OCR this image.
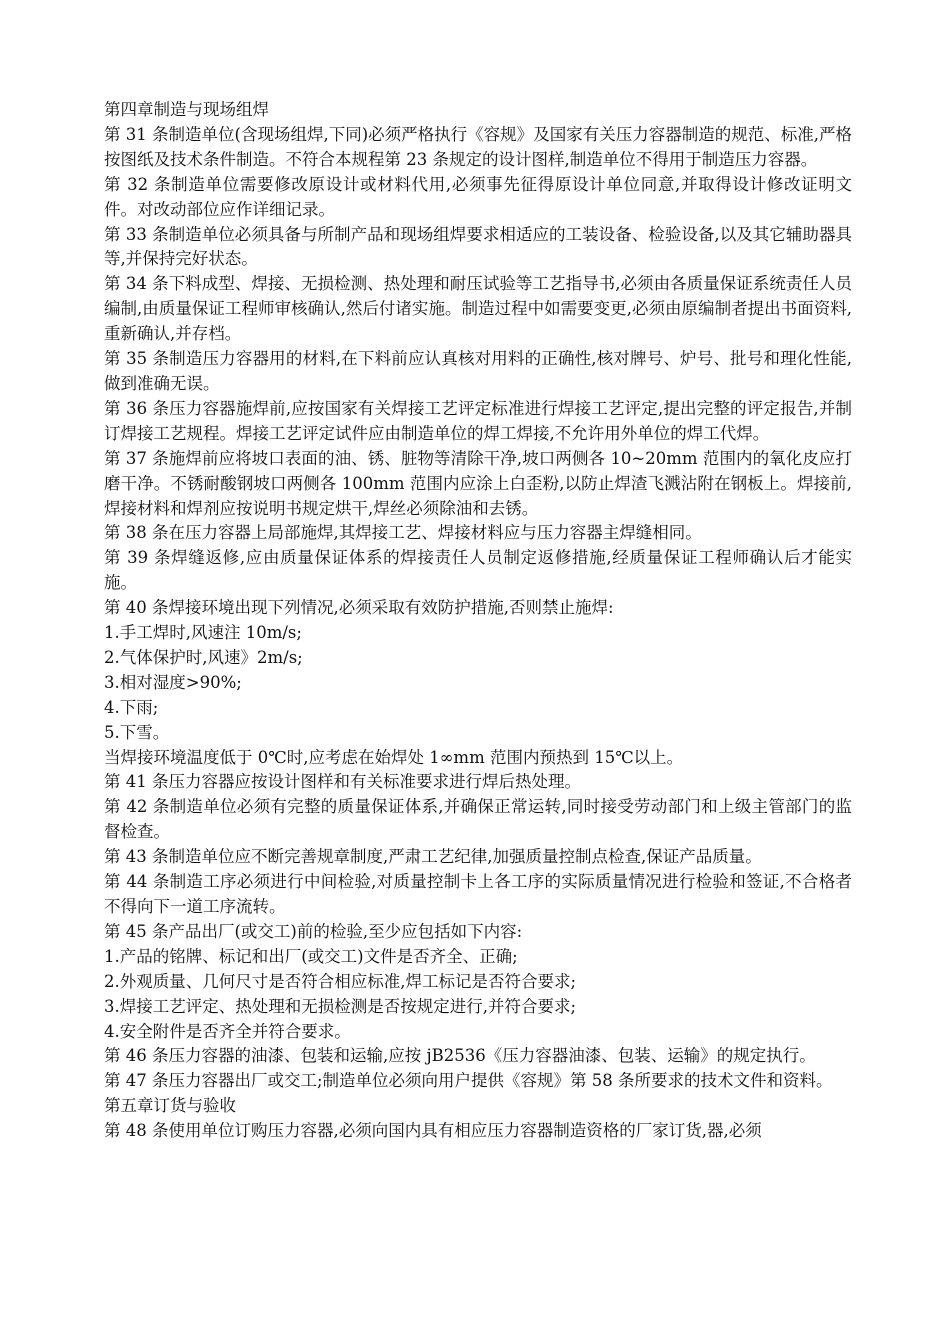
第四章制造与现场组焊

第 31 条制造单位(含现场组焊,下同)必须严格执行《容规》及国家有关压力容器制造的规范、标准,严格按图纸及技术条件制造。不符合本规程第 23 条规定的设计图样,制造单位不得用于制造压力容器。

第 32 条制造单位需要修改原设计或材料代用,必须事先征得原设计单位同意,并取得设计修改证明文件。对改动部位应作详细记录。

第 33 条制造单位必须具备与所制产品和现场组焊要求相适应的工装设备、检验设备,以及其它辅助器具等,并保持完好状态。

第 34 条下料成型、焊接、无损检测、热处理和耐压试验等工艺指导书,必须由各质量保证系统责任人员编制,由质量保证工程师审核确认,然后付诸实施。制造过程中如需要变更,必须由原编制者提出书面资料,重新确认,并存档。

第 35 条制造压力容器用的材料,在下料前应认真核对用料的正确性,核对牌号、炉号、批号和理化性能,做到准确无误。

第 36 条压力容器施焊前,应按国家有关焊接工艺评定标准进行焊接工艺评定,提出完整的评定报告,并制订焊接工艺规程。焊接工艺评定试件应由制造单位的焊工焊接,不允许用外单位的焊工代焊。

第 37 条施焊前应将坡口表面的油、锈、脏物等清除干净,坡口两侧各 10~20mm 范围内的氧化皮应打磨干净。不锈耐酸钢坡口两侧各 100mm 范围内应涂上白歪粉,以防止焊渣飞溅沾附在钢板上。焊接前,焊接材料和焊剂应按说明书规定烘干,焊丝必须除油和去锈。

第 38 条在压力容器上局部施焊,其焊接工艺、焊接材料应与压力容器主焊缝相同。

第 39 条焊缝返修,应由质量保证体系的焊接责任人员制定返修措施,经质量保证工程师确认后才能实施。

第 40 条焊接环境出现下列情况,必须采取有效防护措施,否则禁止施焊:

1.手工焊时,风速注 10m/s;

2.气体保护时,风速》2m/s;

3.相对湿度>90%;

4.下雨;

5.下雪。

当焊接环境温度低于 0℃时,应考虑在始焊处 1∞mm 范围内预热到 15℃以上。

第 41 条压力容器应按设计图样和有关标准要求进行焊后热处理。

第 42 条制造单位必须有完整的质量保证体系,并确保正常运转,同时接受劳动部门和上级主管部门的监督检查。

第 43 条制造单位应不断完善规章制度,严肃工艺纪律,加强质量控制点检查,保证产品质量。

第 44 条制造工序必须进行中间检验,对质量控制卡上各工序的实际质量情况进行检验和签证,不合格者不得向下一道工序流转。

第 45 条产品出厂(或交工)前的检验,至少应包括如下内容:

1.产品的铭牌、标记和出厂(或交工)文件是否齐全、正确;

2.外观质量、几何尺寸是否符合相应标准,焊工标记是否符合要求;

3.焊接工艺评定、热处理和无损检测是否按规定进行,并符合要求;

4.安全附件是否齐全并符合要求。

第 46 条压力容器的油漆、包装和运输,应按 jB2536《压力容器油漆、包装、运输》的规定执行。

第 47 条压力容器出厂或交工;制造单位必须向用户提供《容规》第 58 条所要求的技术文件和资料。

第五章订货与验收

第 48 条使用单位订购压力容器,必须向国内具有相应压力容器制造资格的厂家订货,器,必须
